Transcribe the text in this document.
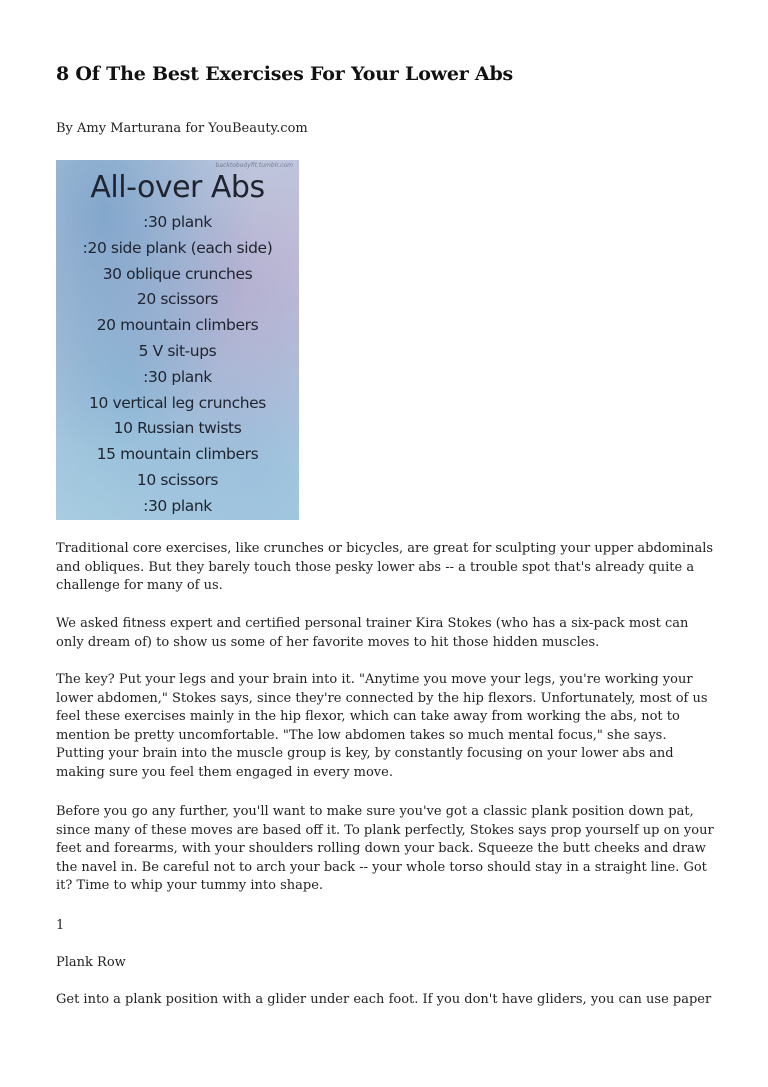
8 Of The Best Exercises For Your Lower Abs

By Amy Marturana for YouBeauty.com

backtobodyfit.tumblr.com
All-over Abs
:30 plank
:20 side plank (each side)
30 oblique crunches
20 scissors
20 mountain climbers
5 V sit-ups
:30 plank
10 vertical leg crunches
10 Russian twists
15 mountain climbers
10 scissors
:30 plank

Traditional core exercises, like crunches or bicycles, are great for sculpting your upper abdominals and obliques. But they barely touch those pesky lower abs -- a trouble spot that's already quite a challenge for many of us.

We asked fitness expert and certified personal trainer Kira Stokes (who has a six-pack most can only dream of) to show us some of her favorite moves to hit those hidden muscles.

The key? Put your legs and your brain into it. "Anytime you move your legs, you're working your lower abdomen," Stokes says, since they're connected by the hip flexors. Unfortunately, most of us feel these exercises mainly in the hip flexor, which can take away from working the abs, not to mention be pretty uncomfortable. "The low abdomen takes so much mental focus," she says. Putting your brain into the muscle group is key, by constantly focusing on your lower abs and making sure you feel them engaged in every move.

Before you go any further, you'll want to make sure you've got a classic plank position down pat, since many of these moves are based off it. To plank perfectly, Stokes says prop yourself up on your feet and forearms, with your shoulders rolling down your back. Squeeze the butt cheeks and draw the navel in. Be careful not to arch your back -- your whole torso should stay in a straight line. Got it? Time to whip your tummy into shape.

1

Plank Row

Get into a plank position with a glider under each foot. If you don't have gliders, you can use paper
